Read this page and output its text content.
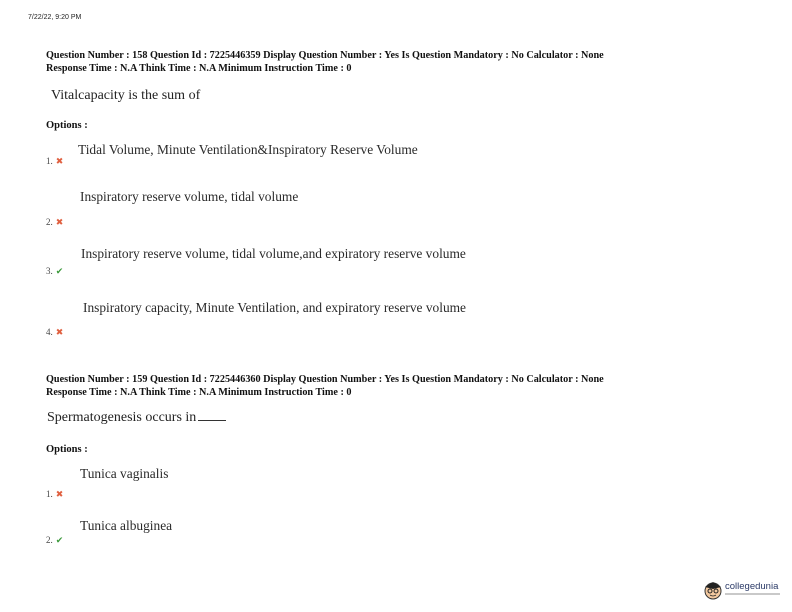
7/22/22, 9:20 PM
Question Number : 158 Question Id : 7225446359 Display Question Number : Yes Is Question Mandatory : No Calculator : None
Response Time : N.A Think Time : N.A Minimum Instruction Time : 0
Vitalcapacity is the sum of
Options :
Tidal Volume, Minute Ventilation&Inspiratory Reserve Volume
1. ✖
Inspiratory reserve volume, tidal volume
2. ✖
Inspiratory reserve volume, tidal volume,and expiratory reserve volume
3. ✔
Inspiratory capacity, Minute Ventilation, and expiratory reserve volume
4. ✖
Question Number : 159 Question Id : 7225446360 Display Question Number : Yes Is Question Mandatory : No Calculator : None
Response Time : N.A Think Time : N.A Minimum Instruction Time : 0
Spermatogenesis occurs in
Options :
Tunica vaginalis
1. ✖
Tunica albuginea
2. ✔
collegedunia
